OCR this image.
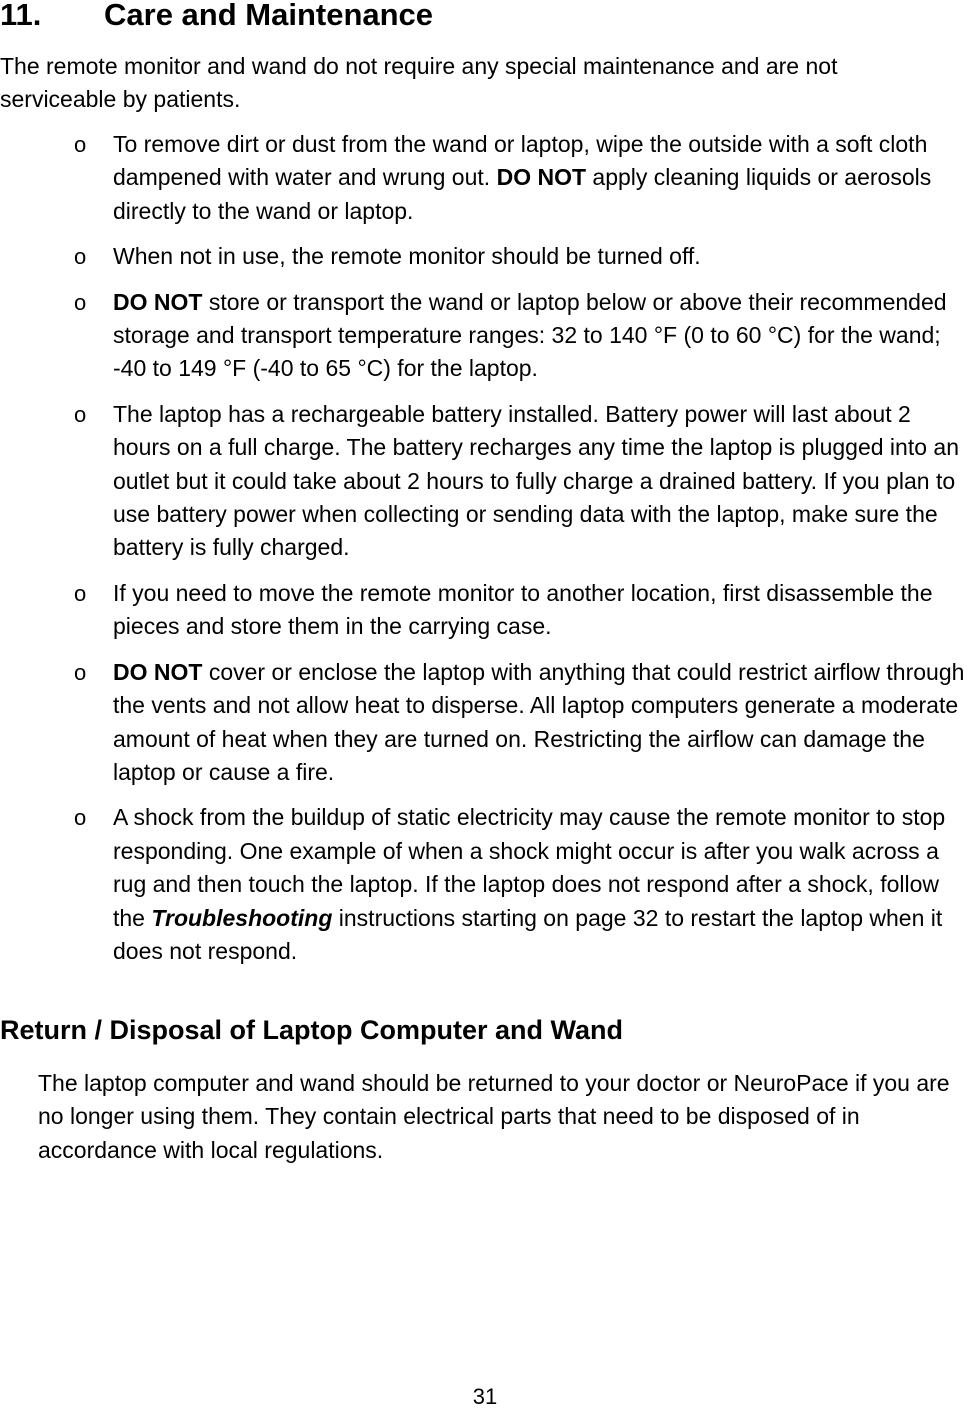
11. Care and Maintenance

The remote monitor and wand do not require any special maintenance and are not serviceable by patients.

o To remove dirt or dust from the wand or laptop, wipe the outside with a soft cloth dampened with water and wrung out. DO NOT apply cleaning liquids or aerosols directly to the wand or laptop.
o When not in use, the remote monitor should be turned off.
o DO NOT store or transport the wand or laptop below or above their recommended storage and transport temperature ranges: 32 to 140 °F (0 to 60 °C) for the wand; -40 to 149 °F (-40 to 65 °C) for the laptop.
o The laptop has a rechargeable battery installed. Battery power will last about 2 hours on a full charge. The battery recharges any time the laptop is plugged into an outlet but it could take about 2 hours to fully charge a drained battery. If you plan to use battery power when collecting or sending data with the laptop, make sure the battery is fully charged.
o If you need to move the remote monitor to another location, first disassemble the pieces and store them in the carrying case.
o DO NOT cover or enclose the laptop with anything that could restrict airflow through the vents and not allow heat to disperse. All laptop computers generate a moderate amount of heat when they are turned on. Restricting the airflow can damage the laptop or cause a fire.
o A shock from the buildup of static electricity may cause the remote monitor to stop responding. One example of when a shock might occur is after you walk across a rug and then touch the laptop. If the laptop does not respond after a shock, follow the Troubleshooting instructions starting on page 32 to restart the laptop when it does not respond.
Return / Disposal of Laptop Computer and Wand

The laptop computer and wand should be returned to your doctor or NeuroPace if you are no longer using them. They contain electrical parts that need to be disposed of in accordance with local regulations.

31
